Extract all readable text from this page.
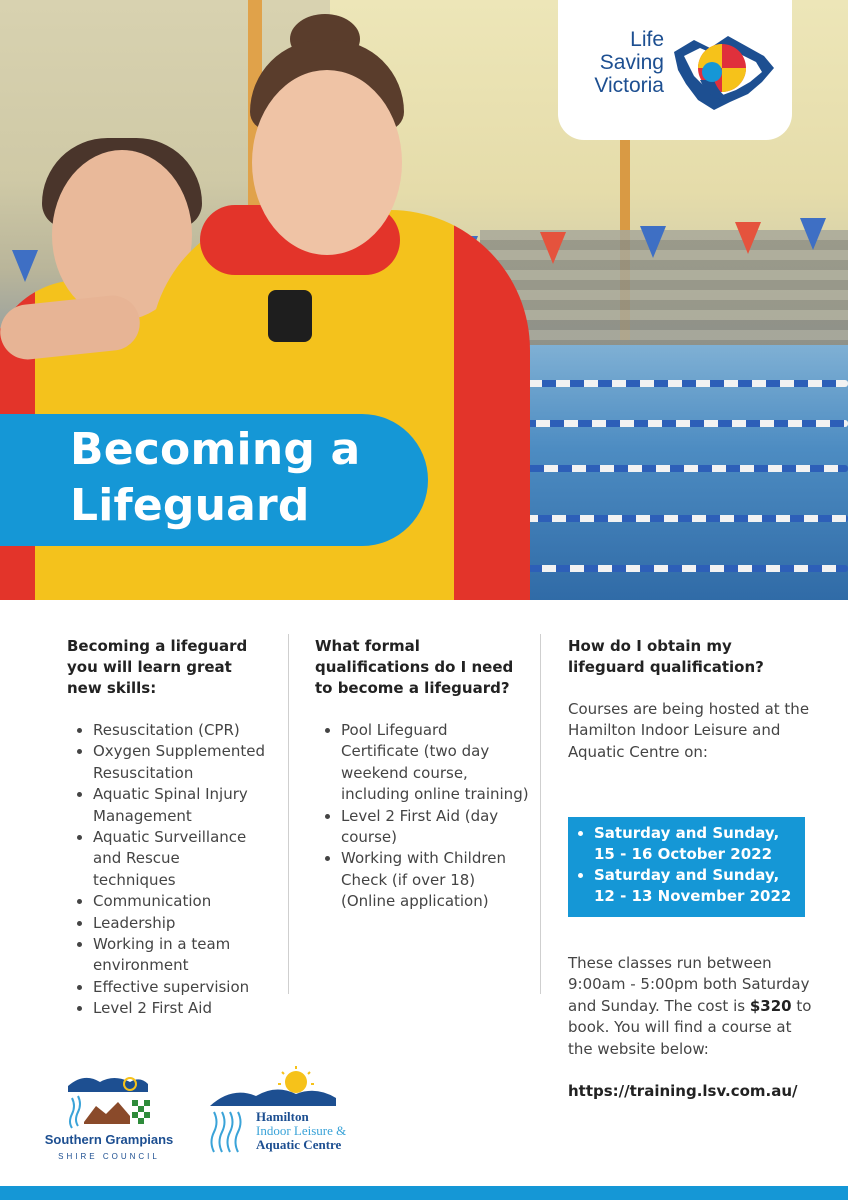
Life
Saving
Victoria
Becoming a
Lifeguard

Becoming a lifeguard you will learn great new skills:

• Resuscitation (CPR)
• Oxygen Supplemented Resuscitation
• Aquatic Spinal Injury Management
• Aquatic Surveillance and Rescue techniques
• Communication
• Leadership
• Working in a team environment
• Effective supervision
• Level 2 First Aid

What formal qualifications do I need to become a lifeguard?

• Pool Lifeguard Certificate (two day weekend course, including online training)
• Level 2 First Aid (day course)
• Working with Children Check (if over 18) (Online application)

How do I obtain my lifeguard qualification?

Courses are being hosted at the Hamilton Indoor Leisure and Aquatic Centre on:

• Saturday and Sunday,
15 - 16 October 2022
• Saturday and Sunday,
12 - 13 November 2022

These classes run between 9:00am - 5:00pm both Saturday and Sunday. The cost is $320 to book. You will find a course at the website below:

https://training.lsv.com.au/

Southern Grampians
SHIRE COUNCIL
Hamilton
Indoor Leisure &
Aquatic Centre
